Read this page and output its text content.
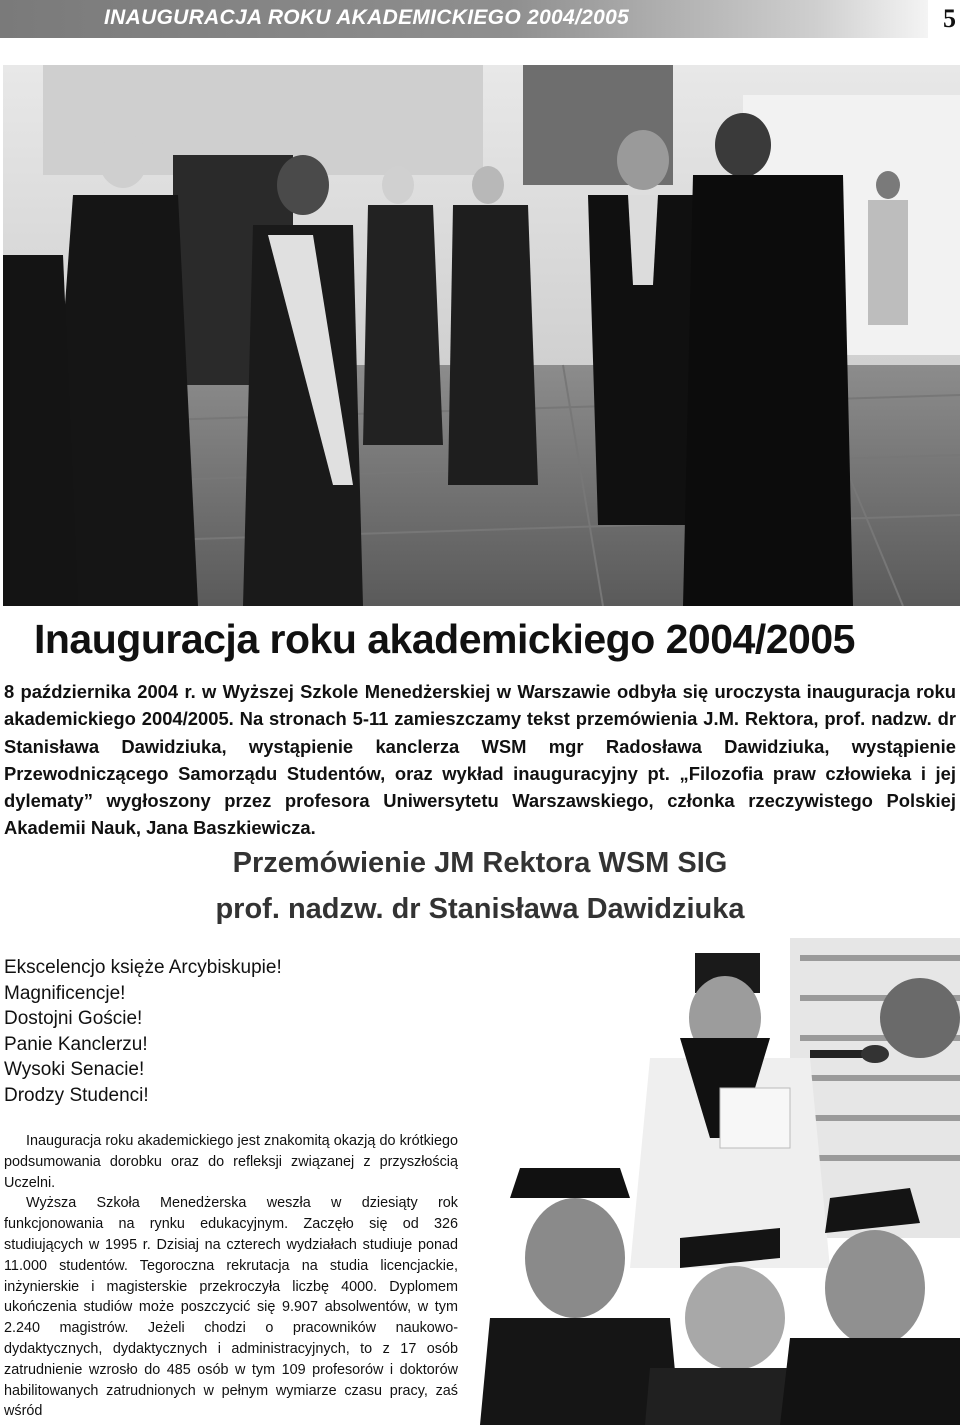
INAUGURACJA ROKU AKADEMICKIEGO 2004/2005	5
Inauguracja roku akademickiego 2004/2005
8 października 2004 r. w Wyższej Szkole Menedżerskiej w Warszawie odbyła się uroczysta inauguracja roku akademickiego 2004/2005. Na stronach 5-11 zamieszczamy tekst przemówienia J.M. Rektora, prof. nadzw. dr Stanisława Dawidziuka, wystąpienie kanclerza WSM mgr Radosława Dawidziuka, wystąpienie Przewodniczącego Samorządu Studentów, oraz wykład inauguracyjny pt. „Filozofia praw człowieka i jej dylematy” wygłoszony przez profesora Uniwersytetu Warszawskiego, członka rzeczywistego Polskiej Akademii Nauk, Jana Baszkiewicza.
Przemówienie JM Rektora WSM SIG
prof. nadzw. dr Stanisława Dawidziuka
Ekscelencjo księże Arcybiskupie!
Magnificencje!
Dostojni Goście!
Panie Kanclerzu!
Wysoki Senacie!
Drodzy Studenci!

Inauguracja roku akademickiego jest znakomitą okazją do krótkiego podsumowania dorobku oraz do refleksji związanej z przyszłością Uczelni.

Wyższa Szkoła Menedżerska weszła w dziesiąty rok funkcjonowania na rynku edukacyjnym. Zaczęło się od 326 studiujących w 1995 r. Dzisiaj na czterech wydziałach studiuje ponad 11.000 studentów. Tegoroczna rekrutacja na studia licencjackie, inżynierskie i magisterskie przekroczyła liczbę 4000. Dyplomem ukończenia studiów może poszczycić się 9.907 absolwentów, w tym 2.240 magistrów. Jeżeli chodzi o pracowników naukowo-dydaktycznych, dydaktycznych i administracyjnych, to z 17 osób zatrudnienie wzrosło do 485 osób w tym 109 profesorów i doktorów habilitowanych zatrudnionych w pełnym wymiarze czasu pracy, zaś wśród
